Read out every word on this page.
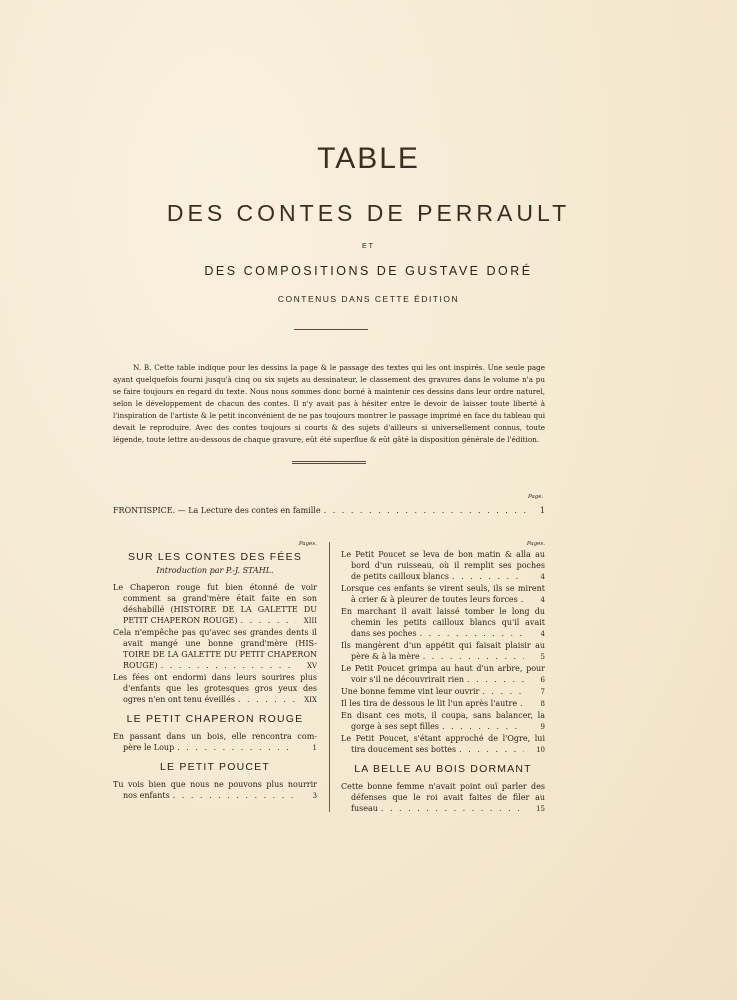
TABLE
DES CONTES DE PERRAULT
ET
DES COMPOSITIONS DE GUSTAVE DORÉ
CONTENUS DANS CETTE ÉDITION

N. B. Cette table indique pour les dessins la page & le passage des textes qui les ont inspirés. Une seule page ayant quelquefois fourni jusqu'à cinq ou six sujets au dessinateur, le classement des gravures dans le volume n'a pu se faire toujours en regard du texte. Nous nous sommes donc borné à maintenir ces dessins dans leur ordre naturel, selon le développement de chacun des contes. Il n'y avait pas à hésiter entre le devoir de laisser toute liberté à l'inspiration de l'artiste & le petit inconvénient de ne pas toujours montrer le passage imprimé en face du tableau qui devait le reproduire. Avec des contes toujours si courts & des sujets d'ailleurs si universellement connus, toute légende, toute lettre au-dessous de chaque gravure, eût été superflue & eût gâté la disposition générale de l'édition.

Page.
FRONTISPICE. — La Lecture des contes en famille . . .	1
Pages.
SUR LES CONTES DES FÉES
Introduction par P.-J. STAHL.
Le Chaperon rouge fut bien étonné de voir
comment sa grand'mère était faite en son
déshabillé (HISTOIRE DE LA GALETTE DU
PETIT CHAPERON ROUGE) . . .	XIII
Cela n'empêche pas qu'avec ses grandes dents il
avait mangé une bonne grand'mère (HIS-
TOIRE DE LA GALETTE DU PETIT CHAPERON
ROUGE) . . .	XV
Les fées ont endormi dans leurs sourires plus
d'enfants que les grotesques gros yeux des
ogres n'en ont tenu éveillés . . .	XIX
LE PETIT CHAPERON ROUGE
En passant dans un bois, elle rencontra com-
père le Loup . . .	1
LE PETIT POUCET
Tu vois bien que nous ne pouvons plus nourrir
nos enfants . . .	3
Pages.
Le Petit Poucet se leva de bon matin & alla au
bord d'un ruisseau, où il remplit ses poches
de petits cailloux blancs . . .	4
Lorsque ces enfants se virent seuls, ils se mirent
à crier & à pleurer de toutes leurs forces . . .	4
En marchant il avait laissé tomber le long du
chemin les petits cailloux blancs qu'il avait
dans ses poches . . .	4
Ils mangèrent d'un appétit qui faisait plaisir au
père & à la mère . . .	5
Le Petit Poucet grimpa au haut d'un arbre, pour
voir s'il ne découvrirait rien . . .	6
Une bonne femme vint leur ouvrir . . .	7
Il les tira de dessous le lit l'un après l'autre . . .	8
En disant ces mots, il coupa, sans balancer, la
gorge à ses sept filles . . .	9
Le Petit Poucet, s'étant approché de l'Ogre, lui
tira doucement ses bottes . . .	10
LA BELLE AU BOIS DORMANT
Cette bonne femme n'avait point ouï parler des
défenses que le roi avait faites de filer au
fuseau . . .	15
